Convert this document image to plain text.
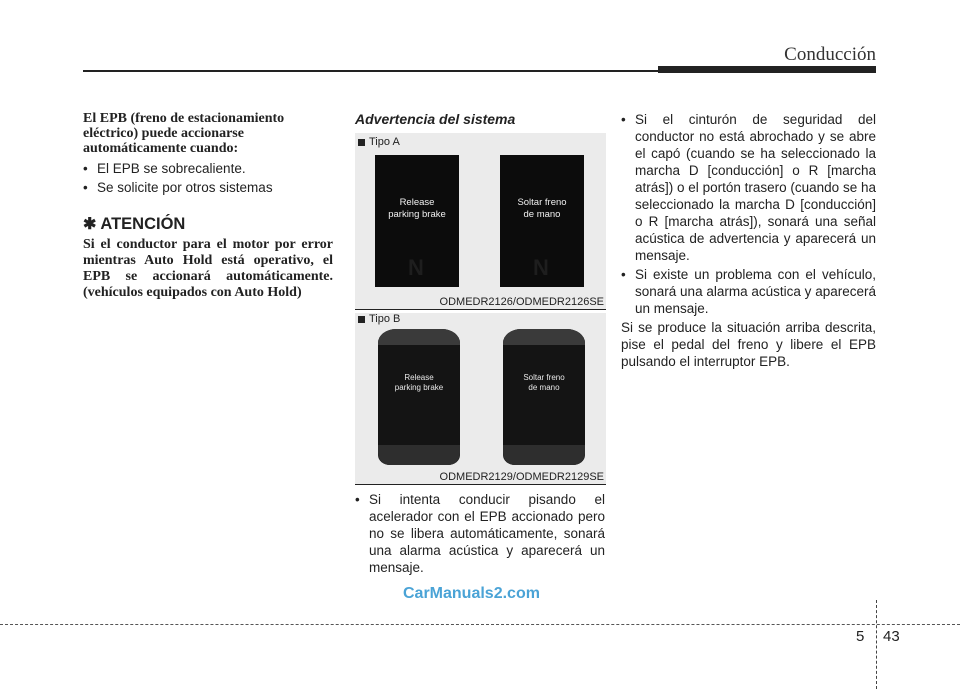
Conducción

El EPB (freno de estacionamiento eléctrico) puede accionarse automáticamente cuando:

• El EPB se sobrecaliente.

• Se solicite por otros sistemas

✱ ATENCIÓN

Si el conductor para el motor por error mientras Auto Hold está operativo, el EPB se accionará automáticamente. (vehículos equipados con Auto Hold)

Advertencia del sistema

Tipo A
Release
parking brake
N
Soltar freno
de mano
N
ODMEDR2126/ODMEDR2126SE
Tipo B
Release
parking brake
Soltar freno
de mano
ODMEDR2129/ODMEDR2129SE

• Si intenta conducir pisando el acelerador con el EPB accionado pero no se libera automáticamente, sonará una alarma acústica y aparecerá un mensaje.

• Si el cinturón de seguridad del conductor no está abrochado y se abre el capó (cuando se ha seleccionado la marcha D [conducción] o R [marcha atrás]) o el portón trasero (cuando se ha seleccionado la marcha D [conducción] o R [marcha atrás]), sonará una señal acústica de advertencia y aparecerá un mensaje.

• Si existe un problema con el vehículo, sonará una alarma acústica y aparecerá un mensaje.

Si se produce la situación arriba descrita, pise el pedal del freno y libere el EPB pulsando el interruptor EPB.

CarManuals2.com
5 43
